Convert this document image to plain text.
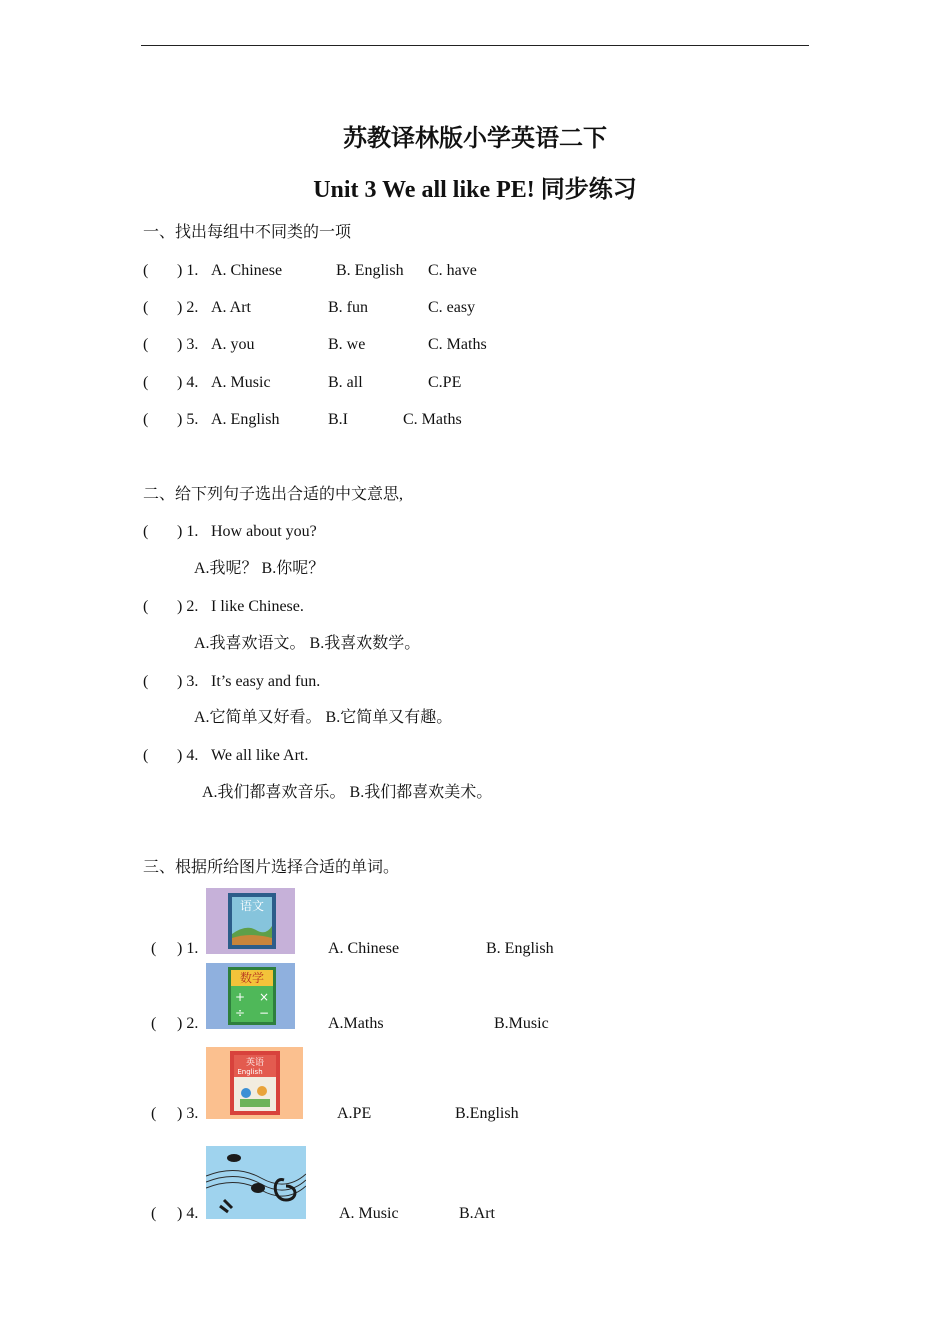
苏教译林版小学英语二下
Unit 3 We all like PE! 同步练习
一、找出每组中不同类的一项
( ) 1. A. Chinese	B. English C. have
( ) 2. A. Art	B. fun	C. easy
( ) 3. A. you	B. we	C. Maths
( ) 4. A. Music	B. all	C.PE
( ) 5. A. English	B.I	C. Maths
二、给下列句子选出合适的中文意思,
( ) 1. How about you?
A.我呢？ B.你呢？
( ) 2. I like Chinese.
A.我喜欢语文。 B.我喜欢数学。
( ) 3. It’s easy and fun.
A.它简单又好看。 B.它简单又有趣。
( ) 4. We all like Art.
A.我们都喜欢音乐。 B.我们都喜欢美术。
三、根据所给图片选择合适的单词。
语文
( ) 1.	A. Chinese	B. English
数学
+ ×
÷ −
( ) 2.	A.Maths	B.Music
英语
English
( ) 3.	A.PE	B.English
( ) 4.	A. Music	B.Art
